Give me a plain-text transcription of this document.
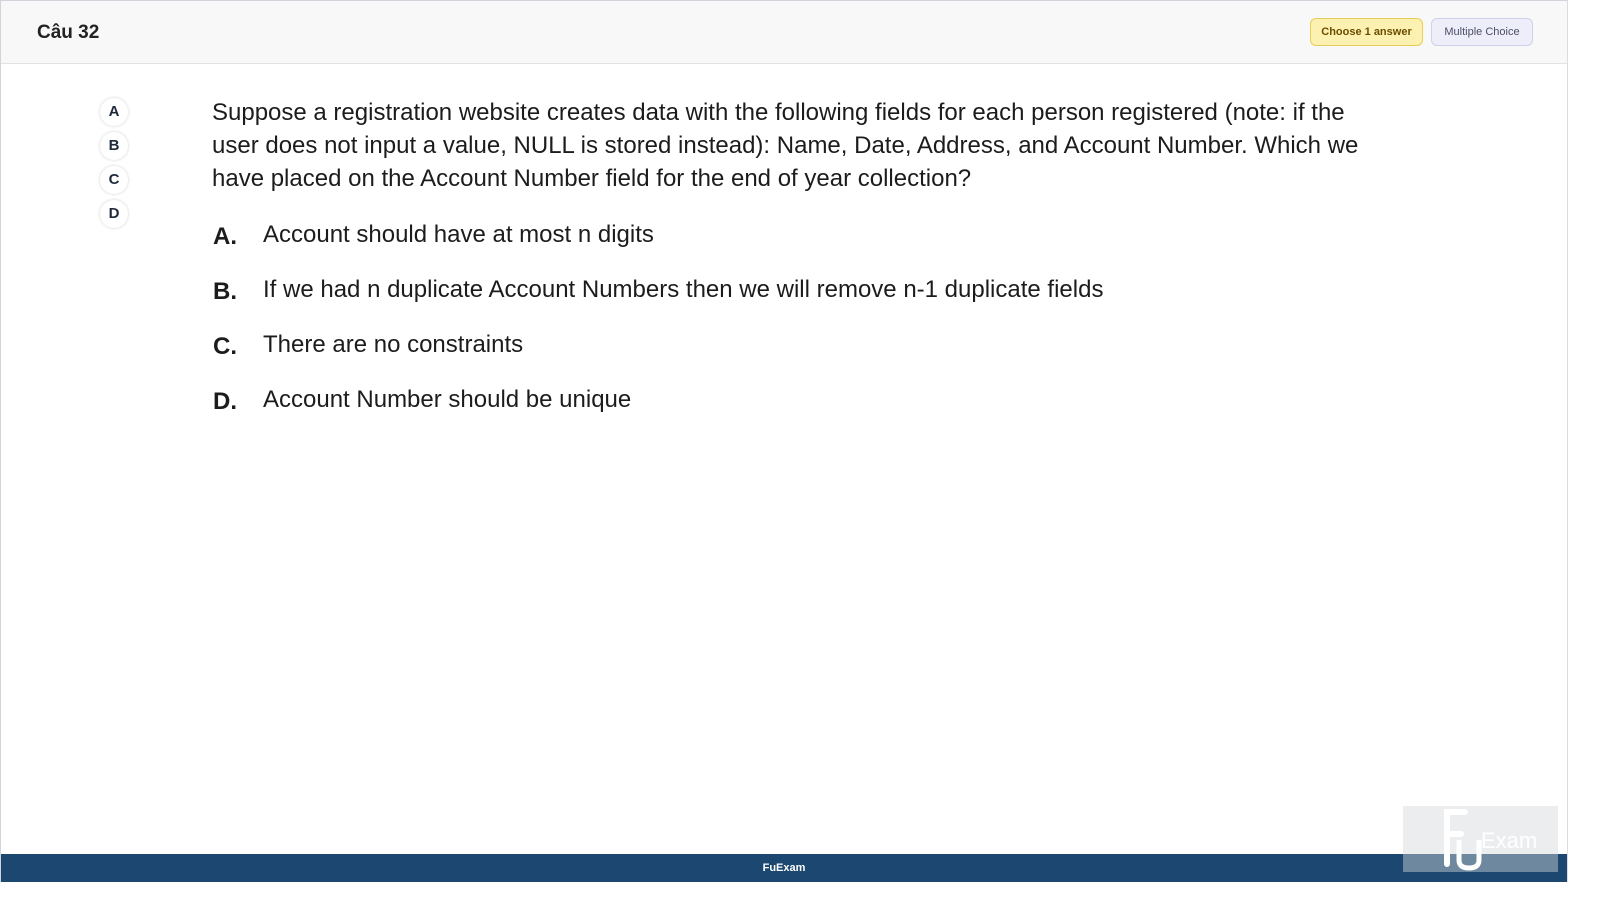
Câu 32	Choose 1 answer	Multiple Choice
A
B
C
D
Suppose a registration website creates data with the following fields for each person registered (note: if the user does not input a value, NULL is stored instead): Name, Date, Address, and Account Number. Which we have placed on the Account Number field for the end of year collection?
A.	Account should have at most n digits
B.	If we had n duplicate Account Numbers then we will remove n-1 duplicate fields
C.	There are no constraints
D.	Account Number should be unique
FuExam
Exam
